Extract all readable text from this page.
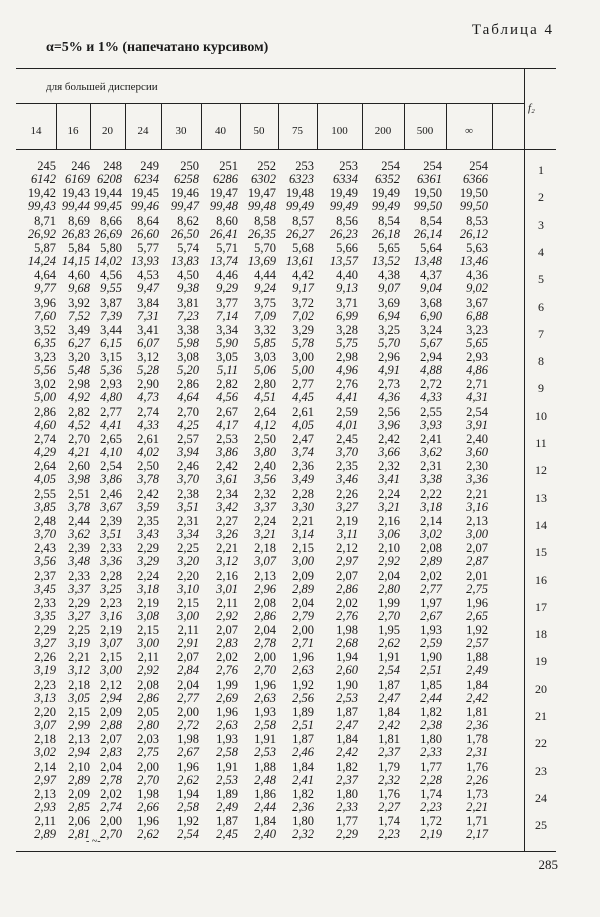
Таблица 4
α=5% и 1% (напечатано курсивом)
для большей дисперсии
f₂
14	16	20	24	30	40	50	75	100	200	500	∞
245 246 248 249 250 251 252 253 253 254 254 254
6142 6169 6208 6234 6258 6286 6302 6323 6334 6352 6361 6366
1
19,42 19,43 19,44 19,45 19,46 19,47 19,47 19,48 19,49 19,49 19,50 19,50
99,43 99,44 99,45 99,46 99,47 99,48 99,48 99,49 99,49 99,49 99,50 99,50
2
8,71 8,69 8,66 8,64 8,62 8,60 8,58 8,57 8,56 8,54 8,54 8,53
26,92 26,83 26,69 26,60 26,50 26,41 26,35 26,27 26,23 26,18 26,14 26,12
3
5,87 5,84 5,80 5,77 5,74 5,71 5,70 5,68 5,66 5,65 5,64 5,63
14,24 14,15 14,02 13,93 13,83 13,74 13,69 13,61 13,57 13,52 13,48 13,46
4
4,64 4,60 4,56 4,53 4,50 4,46 4,44 4,42 4,40 4,38 4,37 4,36
9,77 9,68 9,55 9,47 9,38 9,29 9,24 9,17 9,13 9,07 9,04 9,02
5
3,96 3,92 3,87 3,84 3,81 3,77 3,75 3,72 3,71 3,69 3,68 3,67
7,60 7,52 7,39 7,31 7,23 7,14 7,09 7,02 6,99 6,94 6,90 6,88
6
3,52 3,49 3,44 3,41 3,38 3,34 3,32 3,29 3,28 3,25 3,24 3,23
6,35 6,27 6,15 6,07 5,98 5,90 5,85 5,78 5,75 5,70 5,67 5,65
7
3,23 3,20 3,15 3,12 3,08 3,05 3,03 3,00 2,98 2,96 2,94 2,93
5,56 5,48 5,36 5,28 5,20 5,11 5,06 5,00 4,96 4,91 4,88 4,86
8
3,02 2,98 2,93 2,90 2,86 2,82 2,80 2,77 2,76 2,73 2,72 2,71
5,00 4,92 4,80 4,73 4,64 4,56 4,51 4,45 4,41 4,36 4,33 4,31
9
2,86 2,82 2,77 2,74 2,70 2,67 2,64 2,61 2,59 2,56 2,55 2,54
4,60 4,52 4,41 4,33 4,25 4,17 4,12 4,05 4,01 3,96 3,93 3,91
10
2,74 2,70 2,65 2,61 2,57 2,53 2,50 2,47 2,45 2,42 2,41 2,40
4,29 4,21 4,10 4,02 3,94 3,86 3,80 3,74 3,70 3,66 3,62 3,60
11
2,64 2,60 2,54 2,50 2,46 2,42 2,40 2,36 2,35 2,32 2,31 2,30
4,05 3,98 3,86 3,78 3,70 3,61 3,56 3,49 3,46 3,41 3,38 3,36
12
2,55 2,51 2,46 2,42 2,38 2,34 2,32 2,28 2,26 2,24 2,22 2,21
3,85 3,78 3,67 3,59 3,51 3,42 3,37 3,30 3,27 3,21 3,18 3,16
13
2,48 2,44 2,39 2,35 2,31 2,27 2,24 2,21 2,19 2,16 2,14 2,13
3,70 3,62 3,51 3,43 3,34 3,26 3,21 3,14 3,11 3,06 3,02 3,00
14
2,43 2,39 2,33 2,29 2,25 2,21 2,18 2,15 2,12 2,10 2,08 2,07
3,56 3,48 3,36 3,29 3,20 3,12 3,07 3,00 2,97 2,92 2,89 2,87
15
2,37 2,33 2,28 2,24 2,20 2,16 2,13 2,09 2,07 2,04 2,02 2,01
3,45 3,37 3,25 3,18 3,10 3,01 2,96 2,89 2,86 2,80 2,77 2,75
16
2,33 2,29 2,23 2,19 2,15 2,11 2,08 2,04 2,02 1,99 1,97 1,96
3,35 3,27 3,16 3,08 3,00 2,92 2,86 2,79 2,76 2,70 2,67 2,65
17
2,29 2,25 2,19 2,15 2,11 2,07 2,04 2,00 1,98 1,95 1,93 1,92
3,27 3,19 3,07 3,00 2,91 2,83 2,78 2,71 2,68 2,62 2,59 2,57
18
2,26 2,21 2,15 2,11 2,07 2,02 2,00 1,96 1,94 1,91 1,90 1,88
3,19 3,12 3,00 2,92 2,84 2,76 2,70 2,63 2,60 2,54 2,51 2,49
19
2,23 2,18 2,12 2,08 2,04 1,99 1,96 1,92 1,90 1,87 1,85 1,84
3,13 3,05 2,94 2,86 2,77 2,69 2,63 2,56 2,53 2,47 2,44 2,42
20
2,20 2,15 2,09 2,05 2,00 1,96 1,93 1,89 1,87 1,84 1,82 1,81
3,07 2,99 2,88 2,80 2,72 2,63 2,58 2,51 2,47 2,42 2,38 2,36
21
2,18 2,13 2,07 2,03 1,98 1,93 1,91 1,87 1,84 1,81 1,80 1,78
3,02 2,94 2,83 2,75 2,67 2,58 2,53 2,46 2,42 2,37 2,33 2,31
22
2,14 2,10 2,04 2,00 1,96 1,91 1,88 1,84 1,82 1,79 1,77 1,76
2,97 2,89 2,78 2,70 2,62 2,53 2,48 2,41 2,37 2,32 2,28 2,26
23
2,13 2,09 2,02 1,98 1,94 1,89 1,86 1,82 1,80 1,76 1,74 1,73
2,93 2,85 2,74 2,66 2,58 2,49 2,44 2,36 2,33 2,27 2,23 2,21
24
2,11 2,06 2,00 1,96 1,92 1,87 1,84 1,80 1,77 1,74 1,72 1,71
2,89 2,81 2,70 2,62 2,54 2,45 2,40 2,32 2,29 2,23 2,19 2,17
25
- ~-
285
